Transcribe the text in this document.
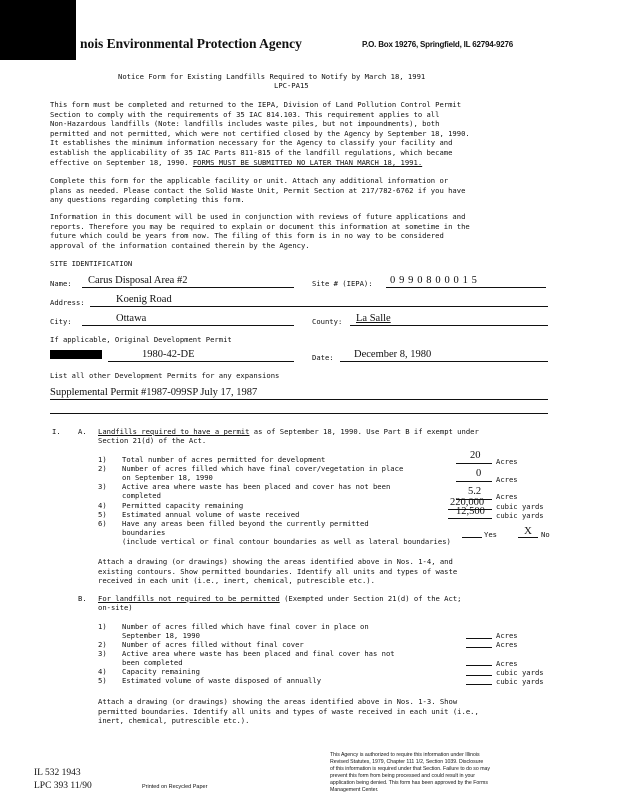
nois Environmental Protection Agency	P.O. Box 19276, Springfield, IL 62794-9276
Notice Form for Existing Landfills Required to Notify by March 18, 1991
LPC-PA15
This form must be completed and returned to the IEPA, Division of Land Pollution Control Permit
Section to comply with the requirements of 35 IAC 814.103. This requirement applies to all
Non-Hazardous landfills (Note: landfills includes waste piles, but not impoundments), both
permitted and not permitted, which were not certified closed by the Agency by September 18, 1990.
It establishes the minimum information necessary for the Agency to classify your facility and
establish the applicability of 35 IAC Parts 811-815 of the landfill regulations, which became
effective on September 18, 1990. FORMS MUST BE SUBMITTED NO LATER THAN MARCH 18, 1991.
Complete this form for the applicable facility or unit. Attach any additional information or
plans as needed. Please contact the Solid Waste Unit, Permit Section at 217/782-6762 if you have
any questions regarding completing this form.
Information in this document will be used in conjunction with reviews of future applications and
reports. Therefore you may be required to explain or document this information at sometime in the
future which could be years from now. The filing of this form is in no way to be considered
approval of the information contained therein by the Agency.
SITE IDENTIFICATION
Name: Carus Disposal Area #2	Site # (IEPA): 0 9 9 0 8 0 0 0 1 5
Address:	Koenig Road
City:	Ottawa	County: La Salle
If applicable, Original Development Permit
1980-42-DE	Date: December 8, 1980
List all other Development Permits for any expansions
Supplemental Permit #1987-099SP July 17, 1987
I. A. Landfills required to have a permit as of September 18, 1990. Use Part B if exempt under
Section 21(d) of the Act.
1) Total number of acres permitted for development	20
Acres
2) Number of acres filled which have final cover/vegetation in place
on September 18, 1990	0
Acres
3) Active area where waste has been placed and cover has not been
completed	5.2 Acres
4) Permitted capacity remaining	220,000 cubic yards
5) Estimated annual volume of waste received	12,500 cubic yards
6) Have any areas been filled beyond the currently permitted
boundaries
(include vertical or final contour boundaries as well as lateral boundaries)
Yes X No
Attach a drawing (or drawings) showing the areas identified above in Nos. 1-4, and
existing contours. Show permitted boundaries. Identify all units and types of waste
received in each unit (i.e., inert, chemical, putrescible etc.).
B. For landfills not required to be permitted (Exempted under Section 21(d) of the Act;
on-site)
1) Number of acres filled which have final cover in place on
September 18, 1990	Acres
2) Number of acres filled without final cover	Acres
3) Active area where waste has been placed and final cover has not
been completed	Acres
4) Capacity remaining	cubic yards
5) Estimated volume of waste disposed of annually	cubic yards
Attach a drawing (or drawings) showing the areas identified above in Nos. 1-3. Show
permitted boundaries. Identify all units and types of waste received in each unit (i.e.,
inert, chemical, putrescible etc.).
IL 532 1943
LPC 393 11/90	Printed on Recycled Paper
This Agency is authorized to require this information under Illinois
Revised Statutes, 1979, Chapter 111 1/2, Section 1039. Disclosure
of this information is required under that Section. Failure to do so may
prevent this form from being processed and could result in your
application being denied. This form has been approved by the Forms
Management Center.
